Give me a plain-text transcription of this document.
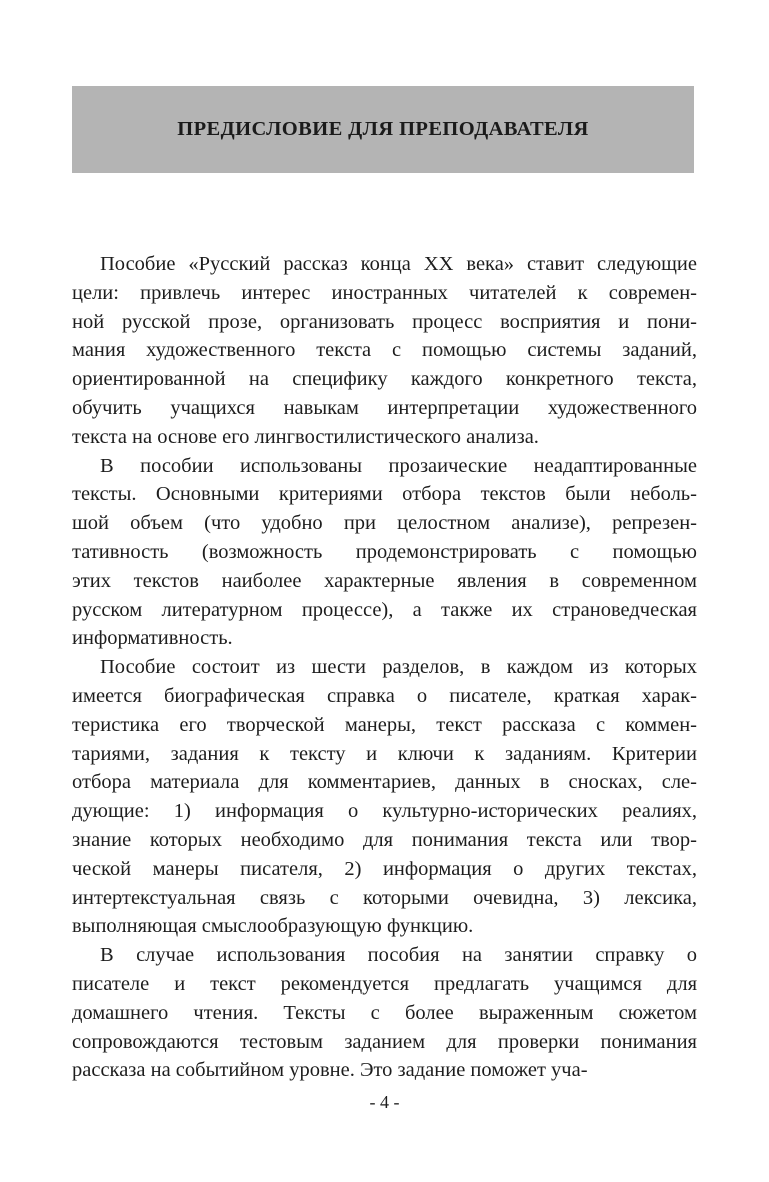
ПРЕДИСЛОВИЕ ДЛЯ ПРЕПОДАВАТЕЛЯ
Пособие «Русский рассказ конца XX века» ставит следующие
цели: привлечь интерес иностранных читателей к современ-
ной русской прозе, организовать процесс восприятия и пони-
мания художественного текста с помощью системы заданий,
ориентированной на специфику каждого конкретного текста,
обучить учащихся навыкам интерпретации художественного
текста на основе его лингвостилистического анализа.
В пособии использованы прозаические неадаптированные
тексты. Основными критериями отбора текстов были неболь-
шой объем (что удобно при целостном анализе), репрезен-
тативность (возможность продемонстрировать с помощью
этих текстов наиболее характерные явления в современном
русском литературном процессе), а также их страноведческая
информативность.
Пособие состоит из шести разделов, в каждом из которых
имеется биографическая справка о писателе, краткая харак-
теристика его творческой манеры, текст рассказа с коммен-
тариями, задания к тексту и ключи к заданиям. Критерии
отбора материала для комментариев, данных в сносках, сле-
дующие: 1) информация о культурно-исторических реалиях,
знание которых необходимо для понимания текста или твор-
ческой манеры писателя, 2) информация о других текстах,
интертекстуальная связь с которыми очевидна, 3) лексика,
выполняющая смыслообразующую функцию.
В случае использования пособия на занятии справку о
писателе и текст рекомендуется предлагать учащимся для
домашнего чтения. Тексты с более выраженным сюжетом
сопровождаются тестовым заданием для проверки понимания
рассказа на событийном уровне. Это задание поможет уча-
- 4 -
